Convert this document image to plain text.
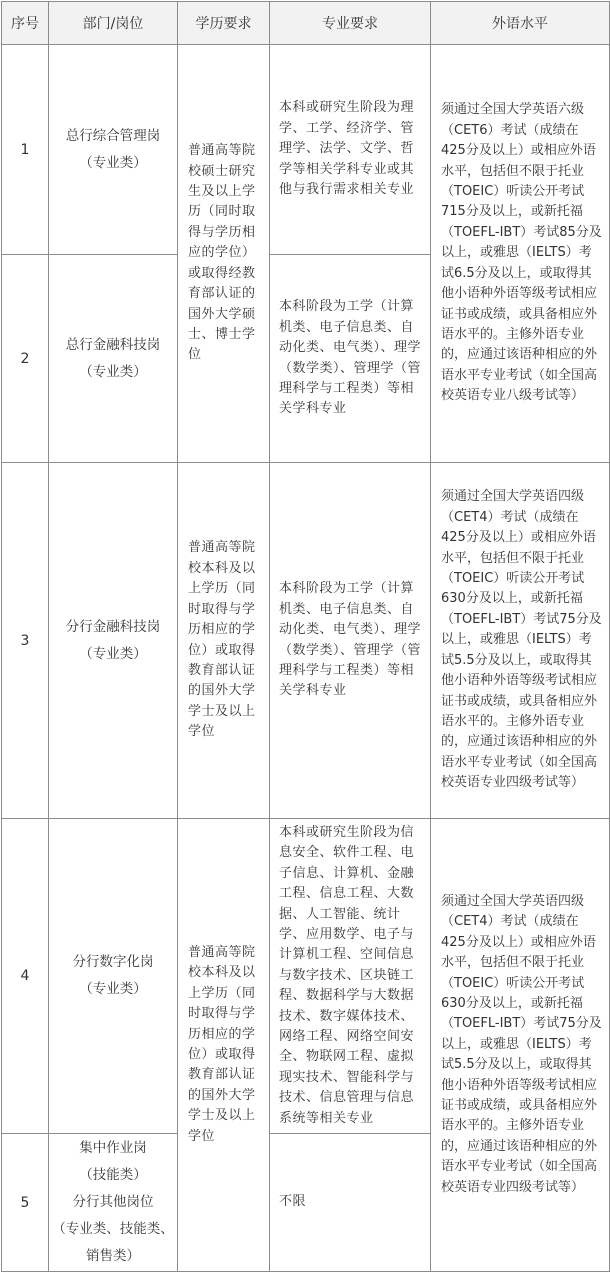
序号	部门/岗位	学历要求	专业要求	外语水平
1	总行综合管理岗
（专业类）	普通高等院校硕士研究生及以上学历（同时取得与学历相应的学位）或取得经教育部认证的国外大学硕士、博士学位	本科或研究生阶段为理学、工学、经济学、管理学、法学、文学、哲学等相关学科专业或其他与我行需求相关专业	须通过全国大学英语六级（CET6）考试（成绩在425分及以上）或相应外语水平，包括但不限于托业（TOEIC）听读公开考试715分及以上，或新托福（TOEFL-IBT）考试85分及以上，或雅思（IELTS）考试6.5分及以上，或取得其他小语种外语等级考试相应证书或成绩，或具备相应外语水平的。主修外语专业的，应通过该语种相应的外语水平专业考试（如全国高校英语专业八级考试等）

2	总行金融科技岗
（专业类）		本科阶段为工学（计算机类、电子信息类、自动化类、电气类）、理学（数学类）、管理学（管理科学与工程类）等相关学科专业	

3	分行金融科技岗
（专业类）	普通高等院校本科及以上学历（同时取得与学历相应的学位）或取得教育部认证的国外大学学士及以上学位	本科阶段为工学（计算机类、电子信息类、自动化类、电气类）、理学（数学类）、管理学（管理科学与工程类）等相关学科专业	须通过全国大学英语四级（CET4）考试（成绩在425分及以上）或相应外语水平，包括但不限于托业（TOEIC）听读公开考试630分及以上，或新托福（TOEFL-IBT）考试75分及以上，或雅思（IELTS）考试5.5分及以上，或取得其他小语种外语等级考试相应证书或成绩，或具备相应外语水平的。主修外语专业的，应通过该语种相应的外语水平专业考试（如全国高校英语专业四级考试等）

4	分行数字化岗
（专业类）	普通高等院校本科及以上学历（同时取得与学历相应的学位）或取得教育部认证的国外大学学士及以上学位	本科或研究生阶段为信息安全、软件工程、电子信息、计算机、金融工程、信息工程、大数据、人工智能、统计学、应用数学、电子与计算机工程、空间信息与数字技术、区块链工程、数据科学与大数据技术、数字媒体技术、网络工程、网络空间安全、物联网工程、虚拟现实技术、智能科学与技术、信息管理与信息系统等相关专业	须通过全国大学英语四级（CET4）考试（成绩在425分及以上）或相应外语水平，包括但不限于托业（TOEIC）听读公开考试630分及以上，或新托福（TOEFL-IBT）考试75分及以上，或雅思（IELTS）考试5.5分及以上，或取得其他小语种外语等级考试相应证书或成绩，或具备相应外语水平的。主修外语专业的，应通过该语种相应的外语水平专业考试（如全国高校英语专业四级考试等）

5	集中作业岗
（技能类）
分行其他岗位
（专业类、技能类、销售类）		不限	
